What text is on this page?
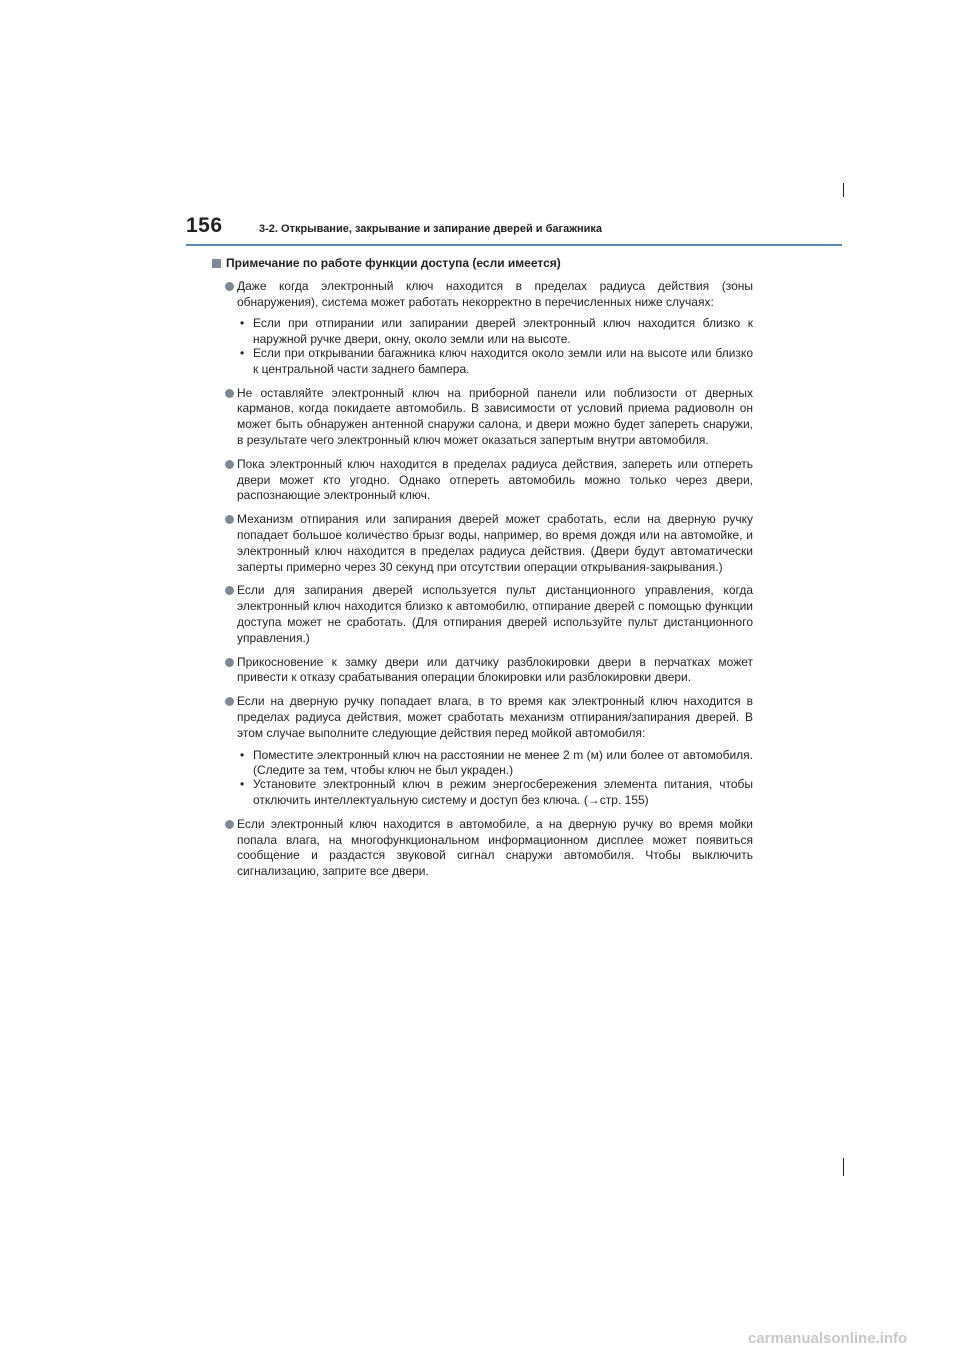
156	3-2. Открывание, закрывание и запирание дверей и багажника
Примечание по работе функции доступа (если имеется)
Даже когда электронный ключ находится в пределах радиуса действия (зоны обнаружения), система может работать некорректно в перечисленных ниже случаях:
• Если при отпирании или запирании дверей электронный ключ находится близко к наружной ручке двери, окну, около земли или на высоте.
• Если при открывании багажника ключ находится около земли или на высоте или близко к центральной части заднего бампера.
Не оставляйте электронный ключ на приборной панели или поблизости от дверных карманов, когда покидаете автомобиль. В зависимости от условий приема радиоволн он может быть обнаружен антенной снаружи салона, и двери можно будет запереть снаружи, в результате чего электронный ключ может оказаться запертым внутри автомобиля.
Пока электронный ключ находится в пределах радиуса действия, запереть или отпереть двери может кто угодно. Однако отпереть автомобиль можно только через двери, распознающие электронный ключ.
Механизм отпирания или запирания дверей может сработать, если на дверную ручку попадает большое количество брызг воды, например, во время дождя или на автомойке, и электронный ключ находится в пределах радиуса действия. (Двери будут автоматически заперты примерно через 30 секунд при отсутствии операции открывания-закрывания.)
Если для запирания дверей используется пульт дистанционного управления, когда электронный ключ находится близко к автомобилю, отпирание дверей с помощью функции доступа может не сработать. (Для отпирания дверей используйте пульт дистанционного управления.)
Прикосновение к замку двери или датчику разблокировки двери в перчатках может привести к отказу срабатывания операции блокировки или разблокировки двери.
Если на дверную ручку попадает влага, в то время как электронный ключ находится в пределах радиуса действия, может сработать механизм отпирания/запирания дверей. В этом случае выполните следующие действия перед мойкой автомобиля:
• Поместите электронный ключ на расстоянии не менее 2 m (м) или более от автомобиля. (Следите за тем, чтобы ключ не был украден.)
• Установите электронный ключ в режим энергосбережения элемента питания, чтобы отключить интеллектуальную систему и доступ без ключа. (→стр. 155)
Если электронный ключ находится в автомобиле, а на дверную ручку во время мойки попала влага, на многофункциональном информационном дисплее может появиться сообщение и раздастся звуковой сигнал снаружи автомобиля. Чтобы выключить сигнализацию, заприте все двери.
carmanualsonline.info
